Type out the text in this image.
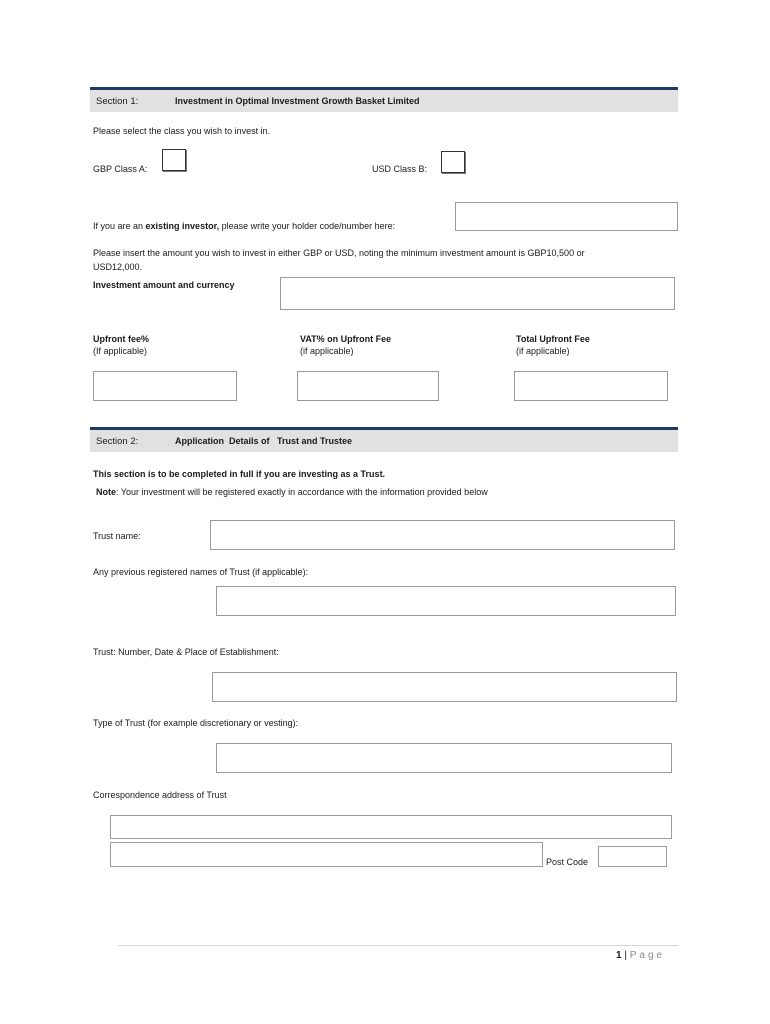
Section 1:	Investment in Optimal Investment Growth Basket Limited
Please select the class you wish to invest in.
GBP Class A:	USD Class B:
If you are an existing investor, please write your holder code/number here:
Please insert the amount you wish to invest in either GBP or USD, noting the minimum investment amount is GBP10,500 or
USD12,000.
Investment amount and currency
Upfront fee%
(If applicable)
VAT% on Upfront Fee
(if applicable)
Total Upfront Fee
(if applicable)
Section 2:	Application  Details of   Trust and Trustee
This section is to be completed in full if you are investing as a Trust.
Note: Your investment will be registered exactly in accordance with the information provided below
Trust name:
Any previous registered names of Trust (if applicable):
Trust: Number, Date & Place of Establishment:
Type of Trust (for example discretionary or vesting):
Correspondence address of Trust
Post Code
1 | Page
